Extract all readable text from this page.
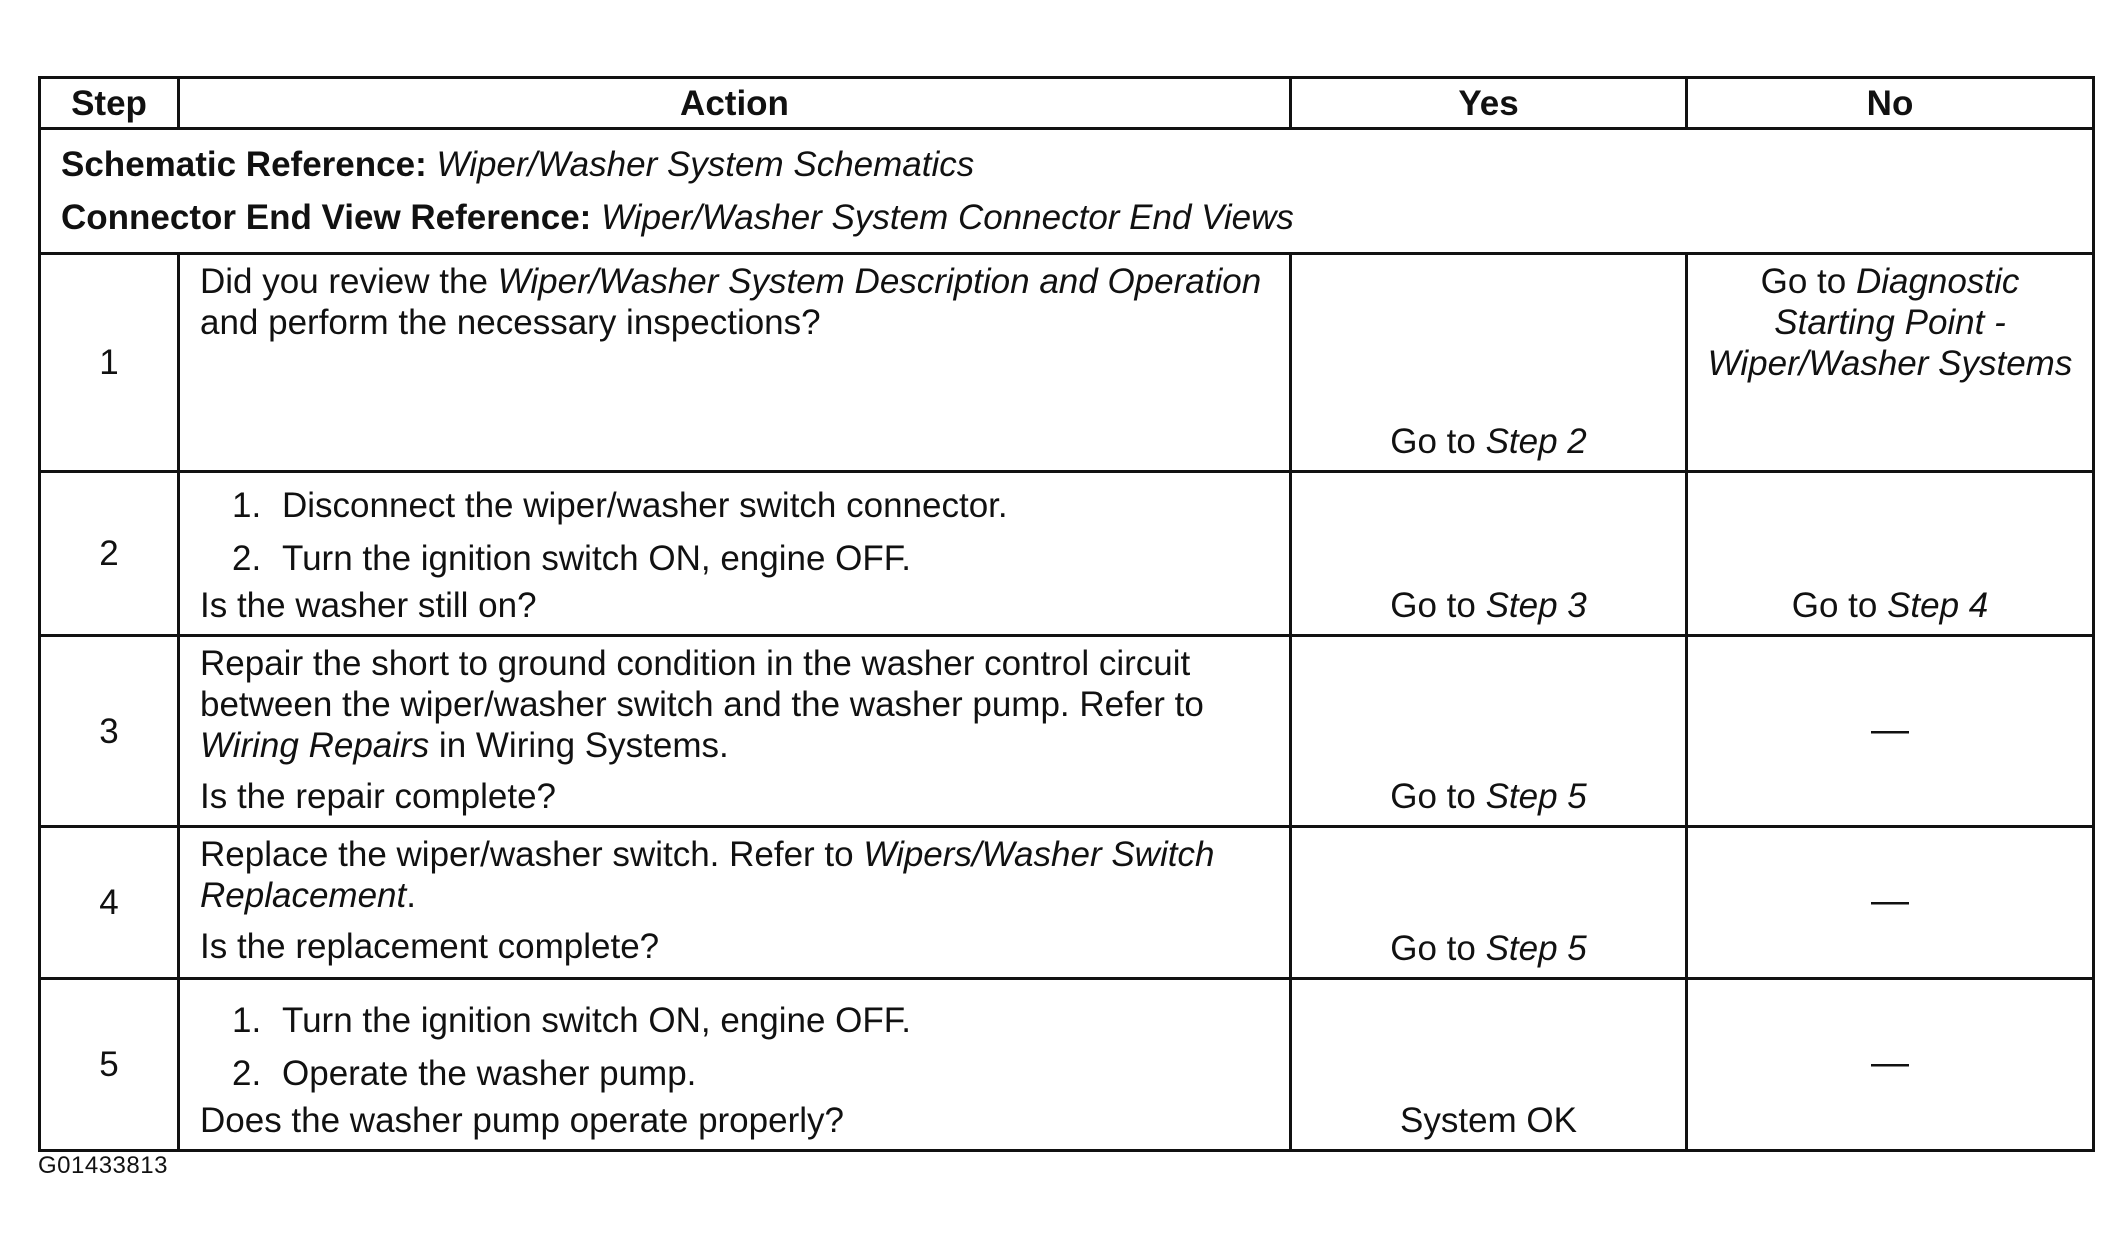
Step	Action	Yes	No

Schematic Reference: Wiper/Washer System Schematics
Connector End View Reference: Wiper/Washer System Connector End Views			

1	Did you review the Wiper/Washer System Description and Operation and perform the necessary inspections?	Go to Step 2	Go to Diagnostic Starting Point - Wiper/Washer Systems
2	1. Disconnect the wiper/washer switch connector.
2. Turn the ignition switch ON, engine OFF.
Is the washer still on?	Go to Step 3	Go to Step 4
3	Repair the short to ground condition in the washer control circuit between the wiper/washer switch and the washer pump. Refer to Wiring Repairs in Wiring Systems.
Is the repair complete?	Go to Step 5	—
4	Replace the wiper/washer switch. Refer to Wipers/Washer Switch Replacement.
Is the replacement complete?	Go to Step 5	—
5	1. Turn the ignition switch ON, engine OFF.
2. Operate the washer pump.
Does the washer pump operate properly?	System OK	—
G01433813
